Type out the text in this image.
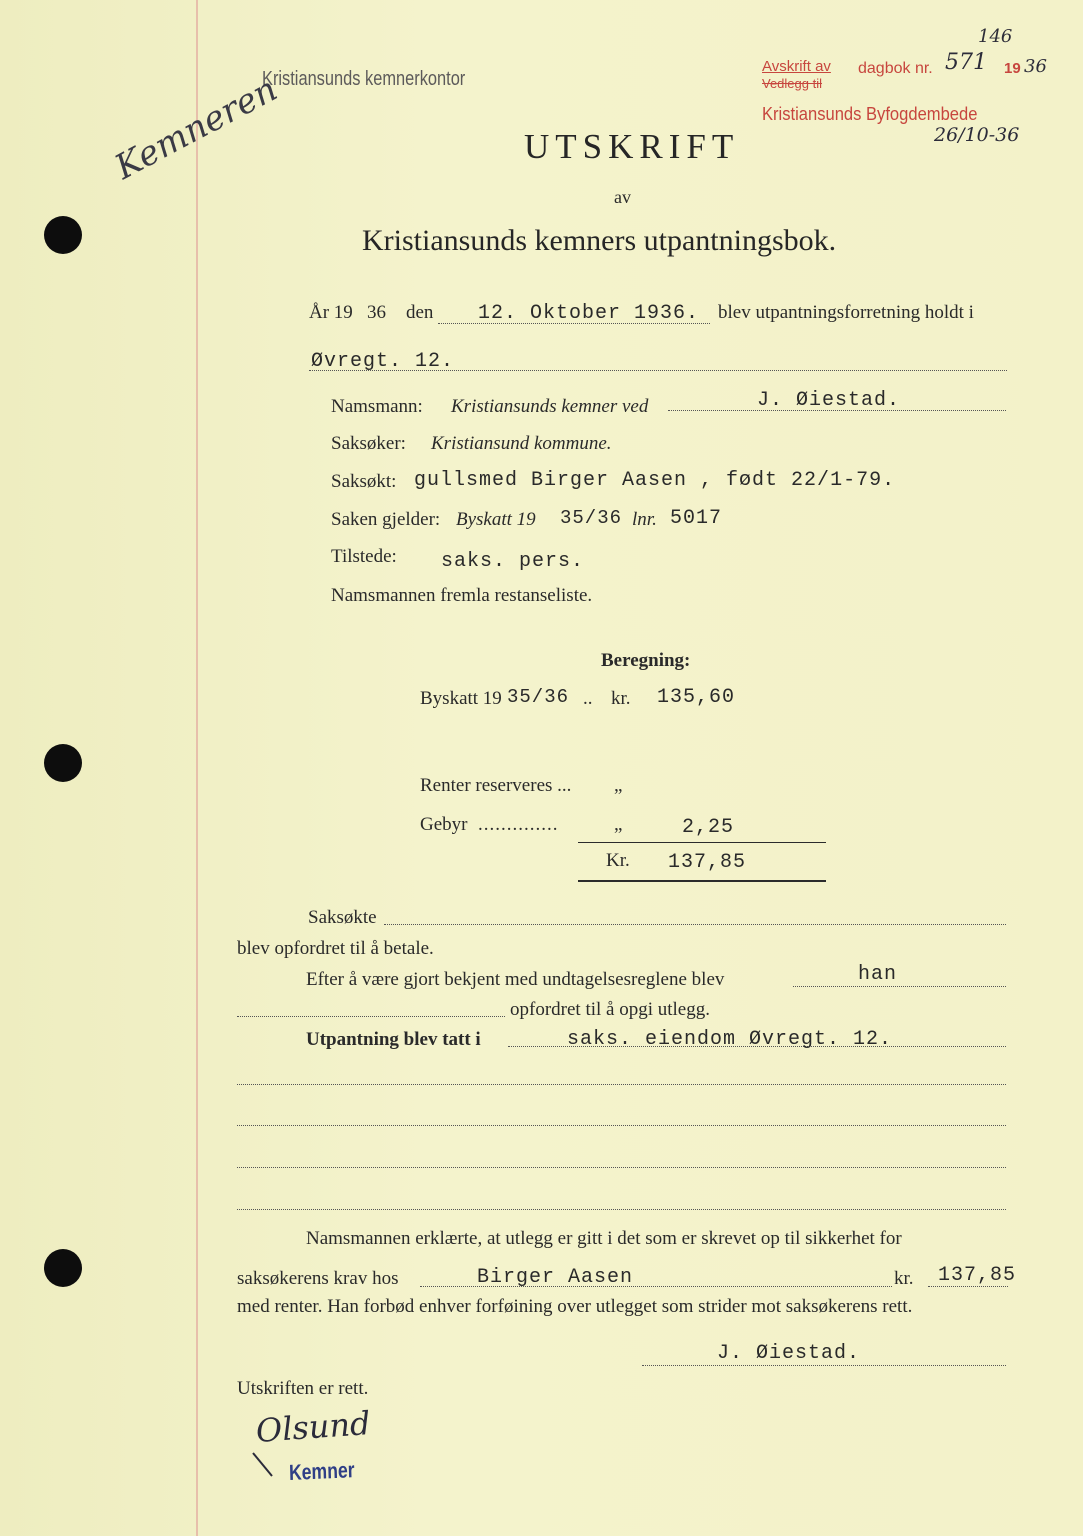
Kristiansunds kemnerkontor
146
Kemneren
Avskrift av
Vedlegg til
dagbok nr. 571 19 36
Kristiansunds Byfogdembede
26/10-36
UTSKRIFT
av
Kristiansunds kemners utpantningsbok.
År 19 36 den 12. Oktober 1936. blev utpantningsforretning holdt i
Øvregt. 12.
Namsmann: Kristiansunds kemner ved	J. Øiestad.
Saksøker: Kristiansund kommune.
Saksøkt: gullsmed Birger Aasen , født 22/1-79.
Saken gjelder: Byskatt 19 35/36 lnr. 5017
Tilstede: saks. pers.
Namsmannen fremla restanseliste.
Beregning:
Byskatt 19 35/36 .. kr. 135,60
Renter reserveres ... „
Gebyr ..............	„	2,25
Kr. 137,85
Saksøkte
blev opfordret til å betale.
Efter å være gjort bekjent med undtagelsesreglene blev	han
opfordret til å opgi utlegg.
Utpantning blev tatt i	saks. eiendom Øvregt. 12.
Namsmannen erklærte, at utlegg er gitt i det som er skrevet op til sikkerhet for
saksøkerens krav hos	Birger Aasen	kr. 137,85
med renter. Han forbød enhver forføining over utlegget som strider mot saksøkerens rett.
J. Øiestad.
Utskriften er rett.
Olsund
Kemner
